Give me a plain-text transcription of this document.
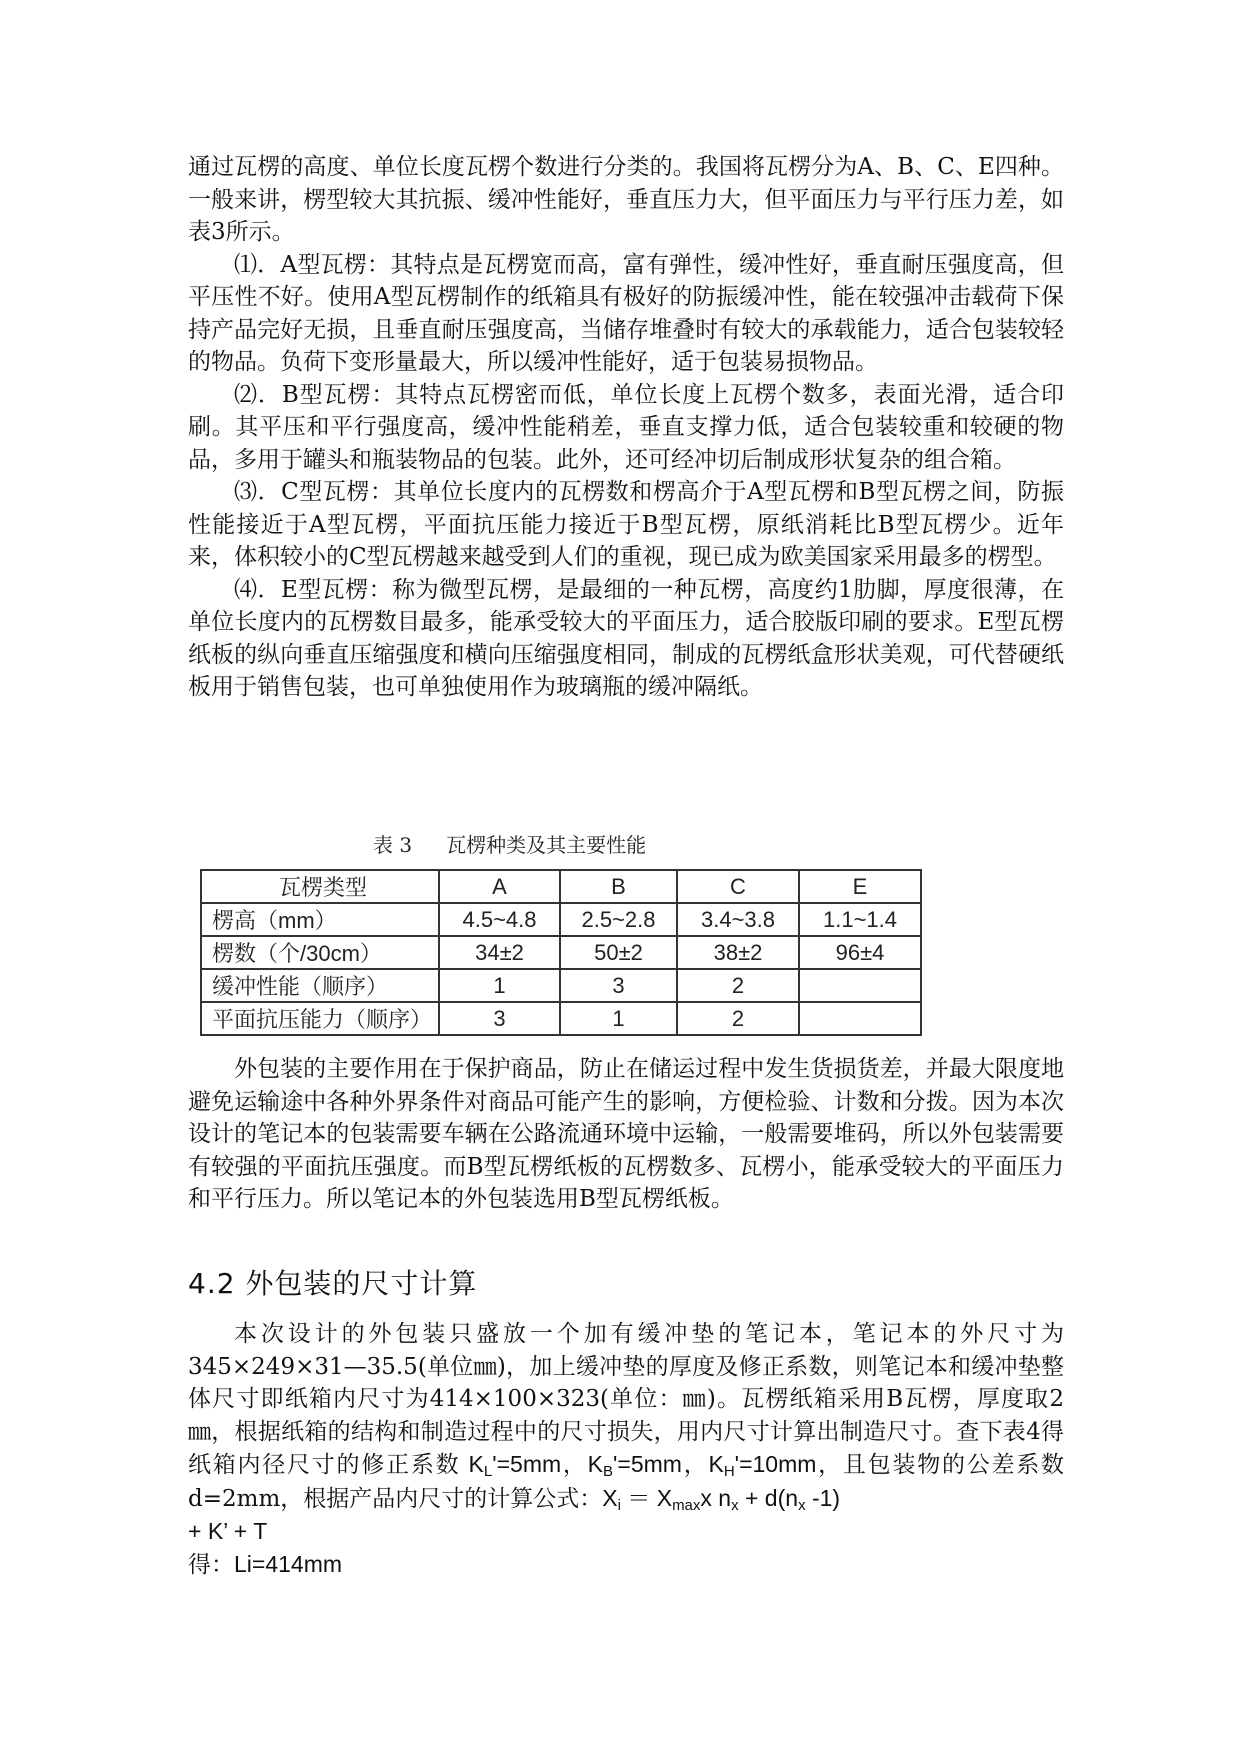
通过瓦楞的高度、单位长度瓦楞个数进行分类的。我国将瓦楞分为A、B、C、E四种。一般来讲，楞型较大其抗振、缓冲性能好，垂直压力大，但平面压力与平行压力差，如表3所示。

⑴．A型瓦楞：其特点是瓦楞宽而高，富有弹性，缓冲性好，垂直耐压强度高，但平压性不好。使用A型瓦楞制作的纸箱具有极好的防振缓冲性，能在较强冲击载荷下保持产品完好无损，且垂直耐压强度高，当储存堆叠时有较大的承载能力，适合包装较轻的物品。负荷下变形量最大，所以缓冲性能好，适于包装易损物品。

⑵．B型瓦楞：其特点瓦楞密而低，单位长度上瓦楞个数多，表面光滑，适合印刷。其平压和平行强度高，缓冲性能稍差，垂直支撑力低，适合包装较重和较硬的物品，多用于罐头和瓶装物品的包装。此外，还可经冲切后制成形状复杂的组合箱。

⑶．C型瓦楞：其单位长度内的瓦楞数和楞高介于A型瓦楞和B型瓦楞之间，防振性能接近于A型瓦楞，平面抗压能力接近于B型瓦楞，原纸消耗比B型瓦楞少。近年来，体积较小的C型瓦楞越来越受到人们的重视，现已成为欧美国家采用最多的楞型。

⑷．E型瓦楞：称为微型瓦楞，是最细的一种瓦楞，高度约1肋脚，厚度很薄，在单位长度内的瓦楞数目最多，能承受较大的平面压力，适合胶版印刷的要求。E型瓦楞纸板的纵向垂直压缩强度和横向压缩强度相同，制成的瓦楞纸盒形状美观，可代替硬纸板用于销售包装，也可单独使用作为玻璃瓶的缓冲隔纸。

表 3 瓦楞种类及其主要性能
瓦楞类型	A	B	C	E
楞高（mm）	4.5~4.8	2.5~2.8	3.4~3.8	1.1~1.4
楞数（个/30cm）	34±2	50±2	38±2	96±4
缓冲性能（顺序）	1	3	2	
平面抗压能力（顺序）	3	1	2	

外包装的主要作用在于保护商品，防止在储运过程中发生货损货差，并最大限度地避免运输途中各种外界条件对商品可能产生的影响，方便检验、计数和分拨。因为本次设计的笔记本的包装需要车辆在公路流通环境中运输，一般需要堆码，所以外包装需要有较强的平面抗压强度。而B型瓦楞纸板的瓦楞数多、瓦楞小，能承受较大的平面压力和平行压力。所以笔记本的外包装选用B型瓦楞纸板。

4.2 外包装的尺寸计算

本次设计的外包装只盛放一个加有缓冲垫的笔记本，笔记本的外尺寸为345×249×31—35.5(单位㎜)，加上缓冲垫的厚度及修正系数，则笔记本和缓冲垫整体尺寸即纸箱内尺寸为414×100×323(单位：㎜)。瓦楞纸箱采用B瓦楞，厚度取2㎜，根据纸箱的结构和制造过程中的尺寸损失，用内尺寸计算出制造尺寸。查下表4得纸箱内径尺寸的修正系数 $K_L'=5mm$，$K_B'=5mm$，$K_H'=10mm$，且包装物的公差系数 d=2mm，根据产品内尺寸的计算公式：$X_i = X_{max}x$ $n_x + d(n_x$ -1)

+ K’ + T

得：Li=414mm
